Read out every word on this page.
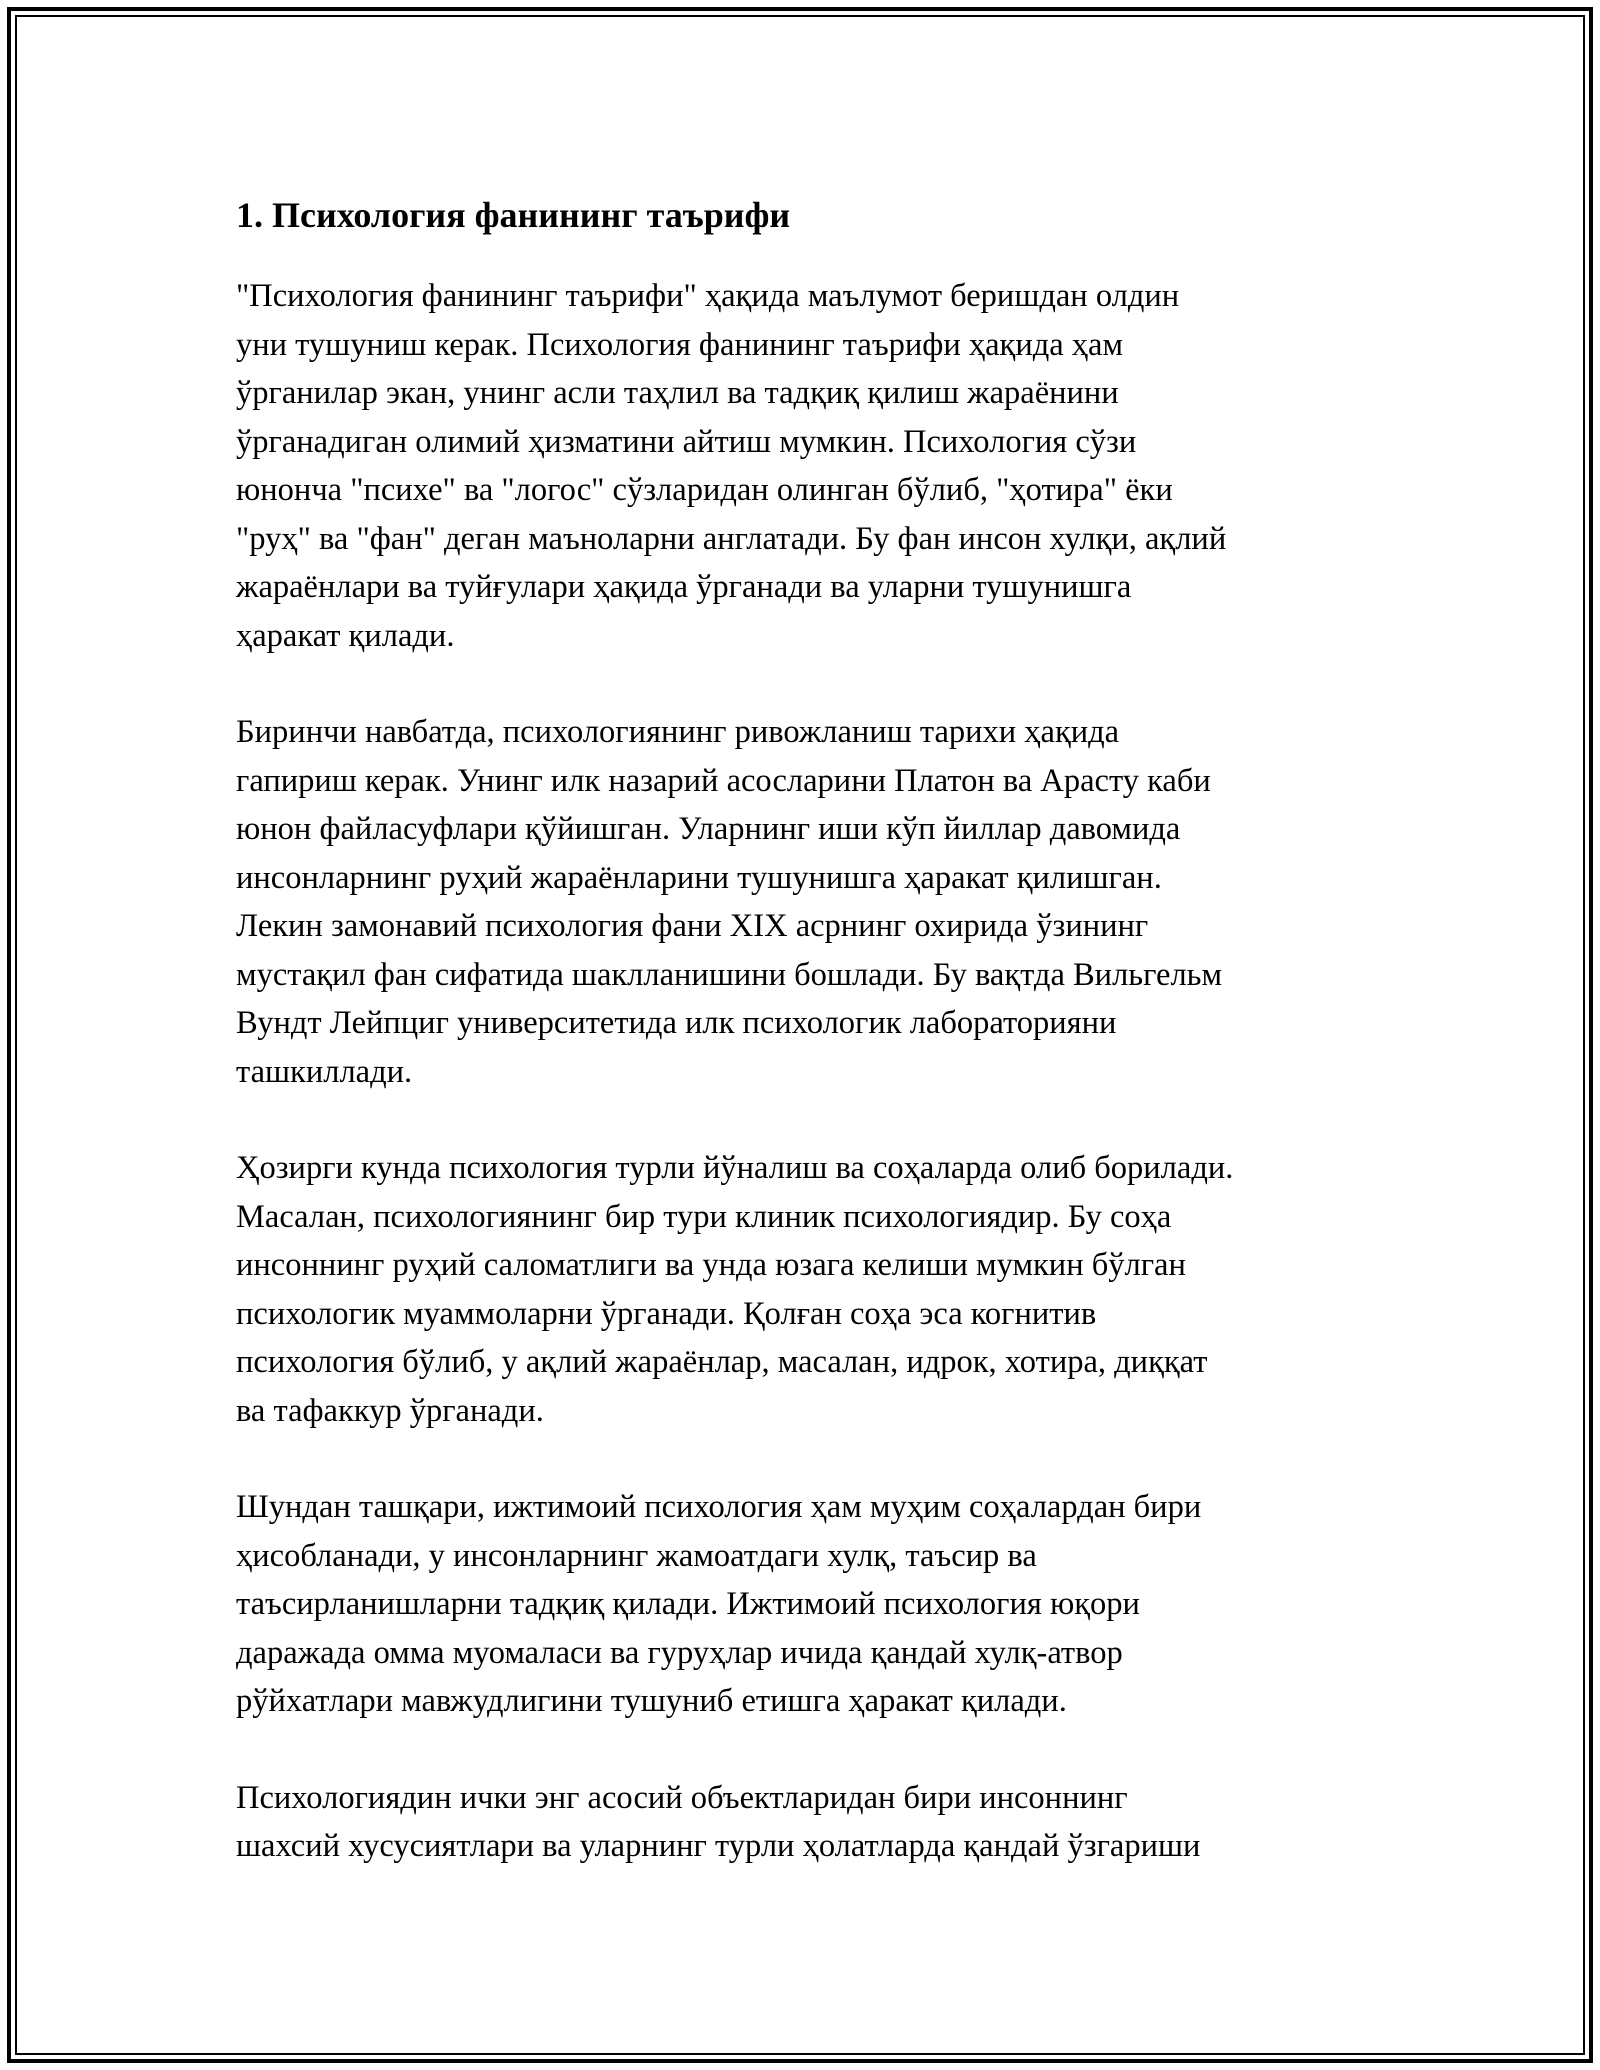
1. Психология фанининг таърифи
"Психология фанининг таърифи" ҳақида маълумот беришдан олдин
уни тушуниш керак. Психология фанининг таърифи ҳақида ҳам
ўрганилар экан, унинг асли таҳлил ва тадқиқ қилиш жараёнини
ўрганадиган олимий ҳизматини айтиш мумкин. Психология сўзи
юнонча "психе" ва "логос" сўзларидан олинган бўлиб, "ҳотира" ёки
"руҳ" ва "фан" деган маъноларни англатади. Бу фан инсон хулқи, ақлий
жараёнлари ва туйғулари ҳақида ўрганади ва уларни тушунишга
ҳаракат қилади.
Биринчи навбатда, психологиянинг ривожланиш тарихи ҳақида
гапириш керак. Унинг илк назарий асосларини Платон ва Арасту каби
юнон файласуфлари қўйишган. Уларнинг иши кўп йиллар давомида
инсонларнинг руҳий жараёнларини тушунишга ҳаракат қилишган.
Лекин замонавий психология фани XIX асрнинг охирида ўзининг
мустақил фан сифатида шаклланишини бошлади. Бу вақтда Вильгельм
Вундт Лейпциг университетида илк психологик лабораторияни
ташкиллади.
Ҳозирги кунда психология турли йўналиш ва соҳаларда олиб борилади.
Масалан, психологиянинг бир тури клиник психологиядир. Бу соҳа
инсоннинг руҳий саломатлиги ва унда юзага келиши мумкин бўлган
психологик муаммоларни ўрганади. Қолған соҳа эса когнитив
психология бўлиб, у ақлий жараёнлар, масалан, идрок, хотира, диққат
ва тафаккур ўрганади.
Шундан ташқари, ижтимоий психология ҳам муҳим соҳалардан бири
ҳисобланади, у инсонларнинг жамоатдаги хулқ, таъсир ва
таъсирланишларни тадқиқ қилади. Ижтимоий психология юқори
даражада омма муомаласи ва гуруҳлар ичида қандай хулқ-атвор
рўйхатлари мавжудлигини тушуниб етишга ҳаракат қилади.
Психологиядин ички энг асосий объектларидан бири инсоннинг
шахсий хусусиятлари ва уларнинг турли ҳолатларда қандай ўзгариши
